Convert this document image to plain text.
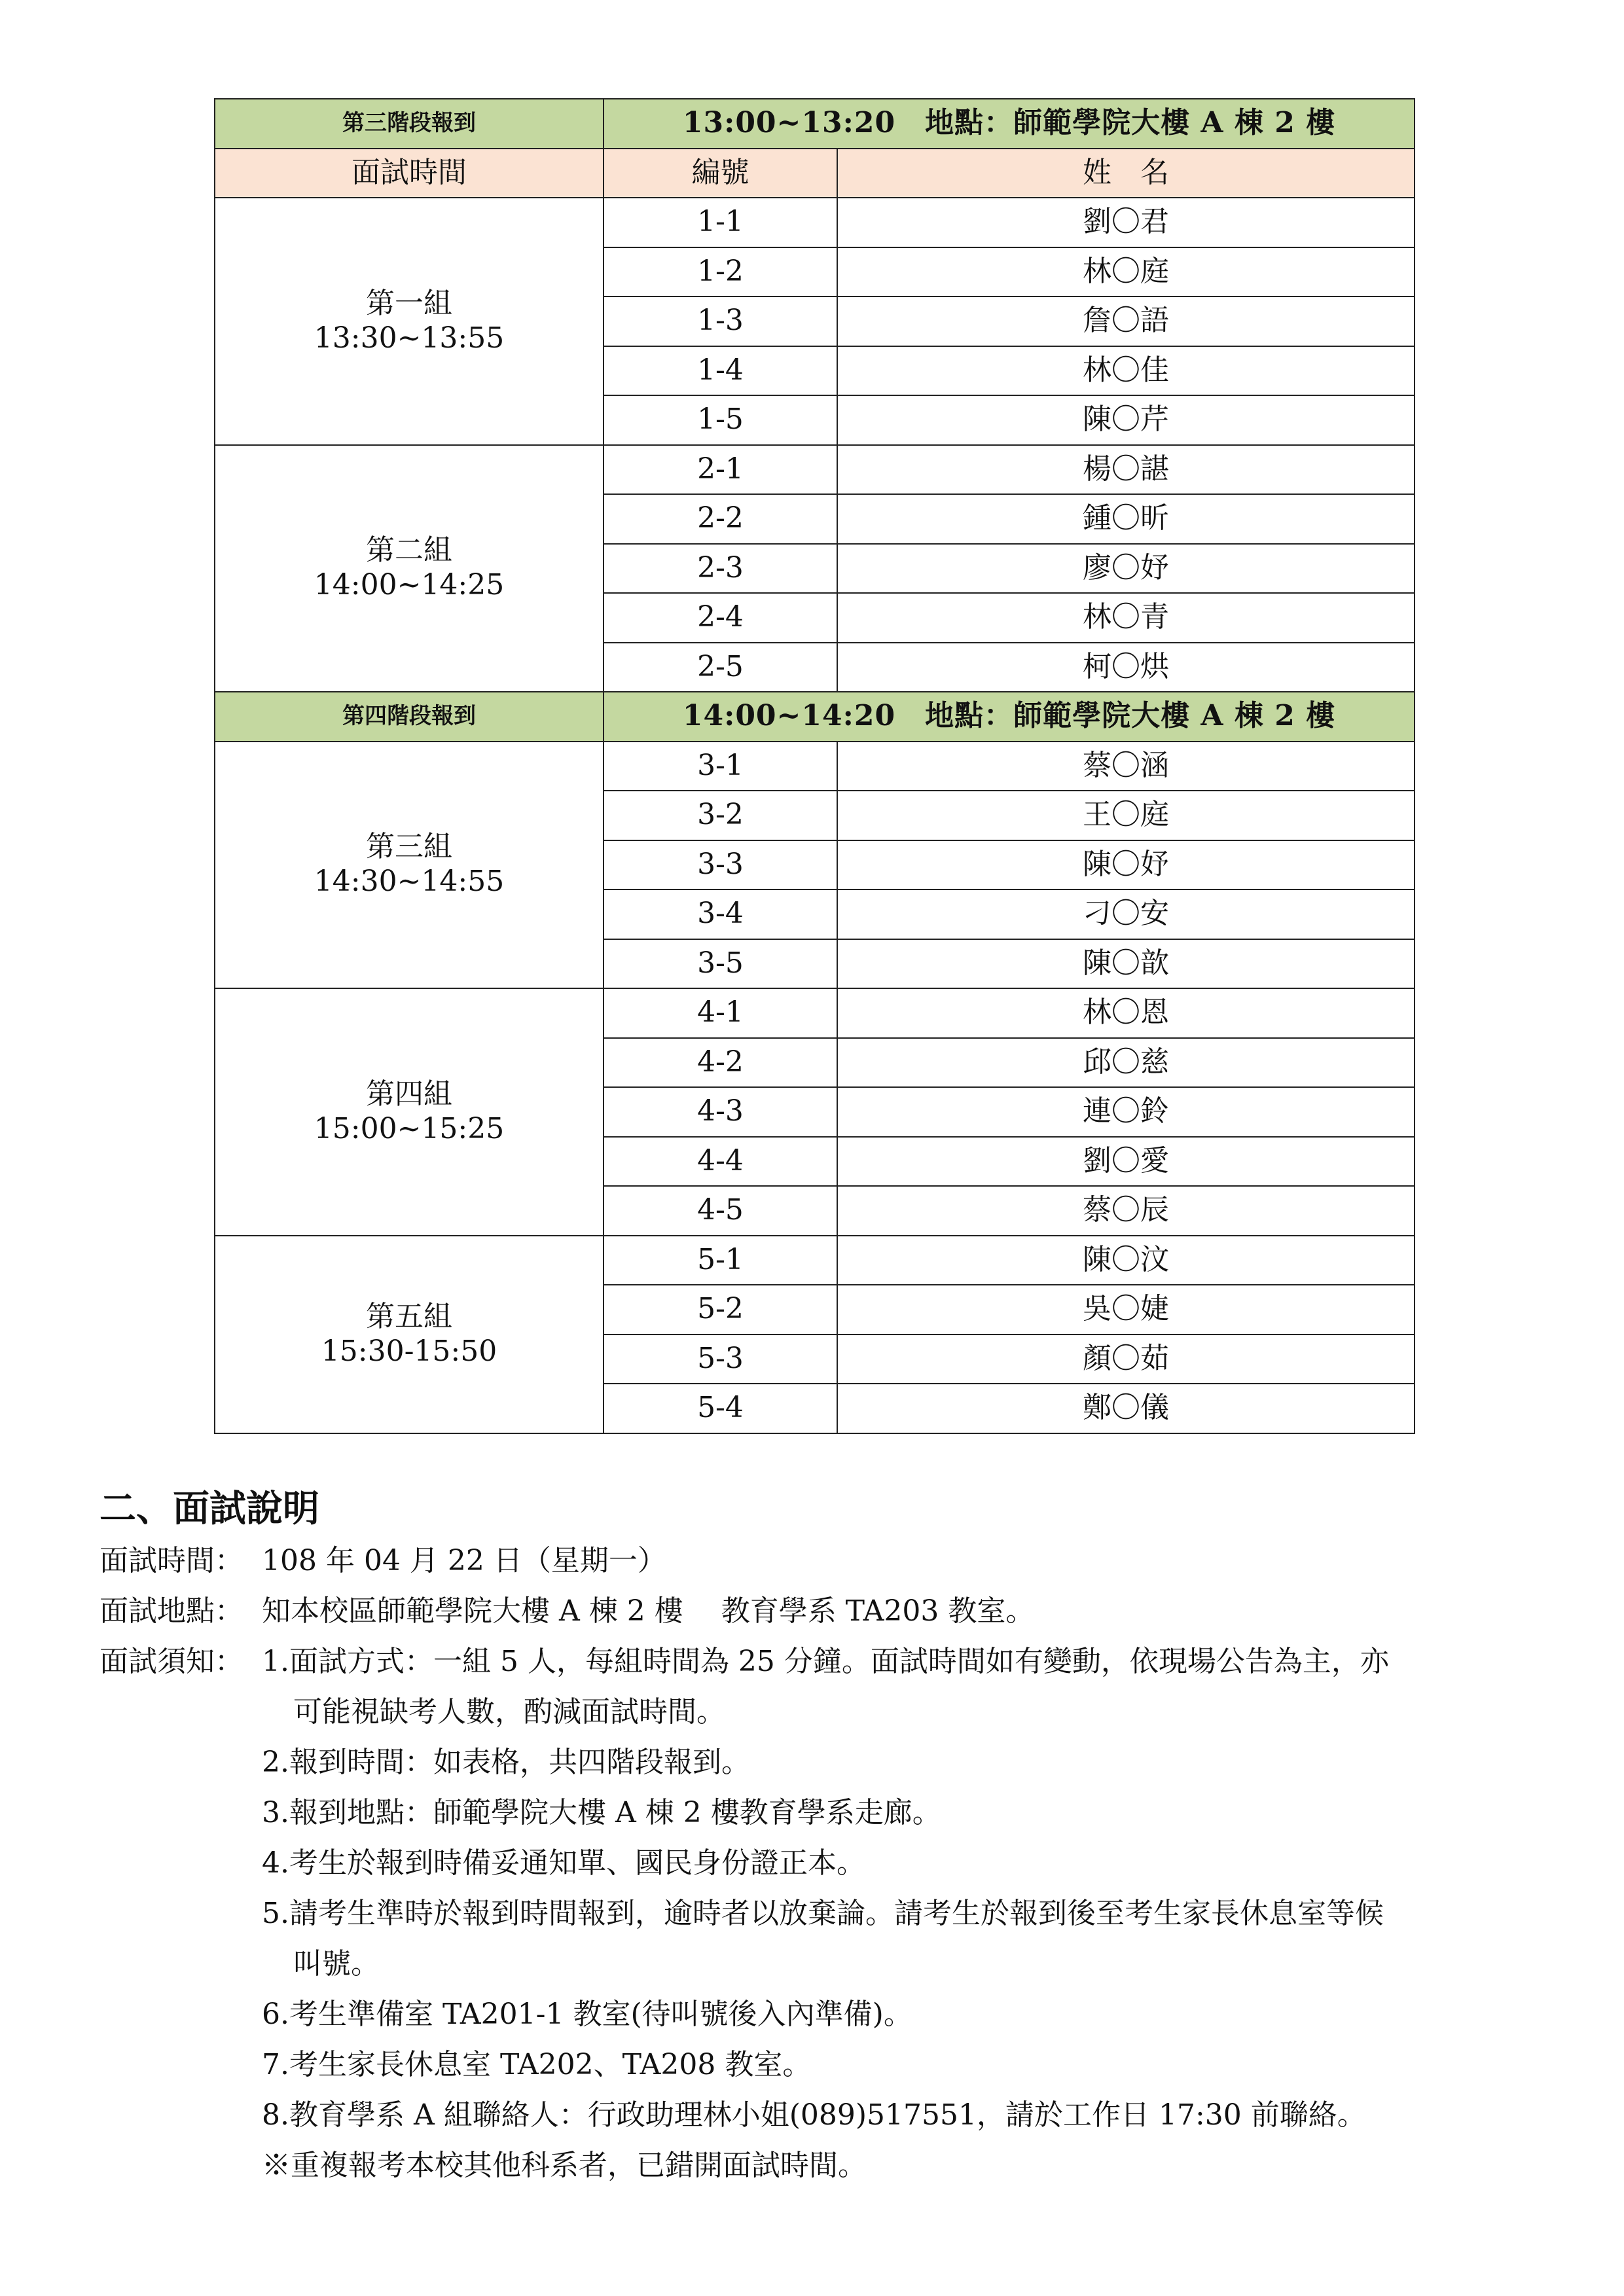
第三階段報到	13:00~13:20　地點：師範學院大樓 A 棟 2 樓	
面試時間	編號	姓　名

第一組
13:30~13:55	1-1	劉〇君
	1-2	林〇庭
	1-3	詹〇語
	1-4	林〇佳
	1-5	陳〇芹

第二組
14:00~14:25	2-1	楊〇諶
	2-2	鍾〇昕
	2-3	廖〇妤
	2-4	林〇青
	2-5	柯〇烘
第四階段報到	14:00~14:20　地點：師範學院大樓 A 棟 2 樓	

第三組
14:30~14:55	3-1	蔡〇涵
	3-2	王〇庭
	3-3	陳〇妤
	3-4	刁〇安
	3-5	陳〇歆

第四組
15:00~15:25	4-1	林〇恩
	4-2	邱〇慈
	4-3	連〇鈴
	4-4	劉〇愛
	4-5	蔡〇辰

第五組
15:30-15:50	5-1	陳〇汶
	5-2	吳〇婕
	5-3	顏〇茹
	5-4	鄭〇儀
二、面試說明
面試時間： 108 年 04 月 22 日（星期一）
面試地點： 知本校區師範學院大樓 A 棟 2 樓　 教育學系 TA203 教室。
面試須知： 1.面試方式：一組 5 人，每組時間為 25 分鐘。面試時間如有變動，依現場公告為主，亦
可能視缺考人數，酌減面試時間。
2.報到時間：如表格，共四階段報到。
3.報到地點：師範學院大樓 A 棟 2 樓教育學系走廊。
4.考生於報到時備妥通知單、國民身份證正本。
5.請考生準時於報到時間報到，逾時者以放棄論。請考生於報到後至考生家長休息室等候
叫號。
6.考生準備室 TA201-1 教室(待叫號後入內準備)。
7.考生家長休息室 TA202、TA208 教室。
8.教育學系 A 組聯絡人：行政助理林小姐(089)517551，請於工作日 17:30 前聯絡。
※重複報考本校其他科系者，已錯開面試時間。
